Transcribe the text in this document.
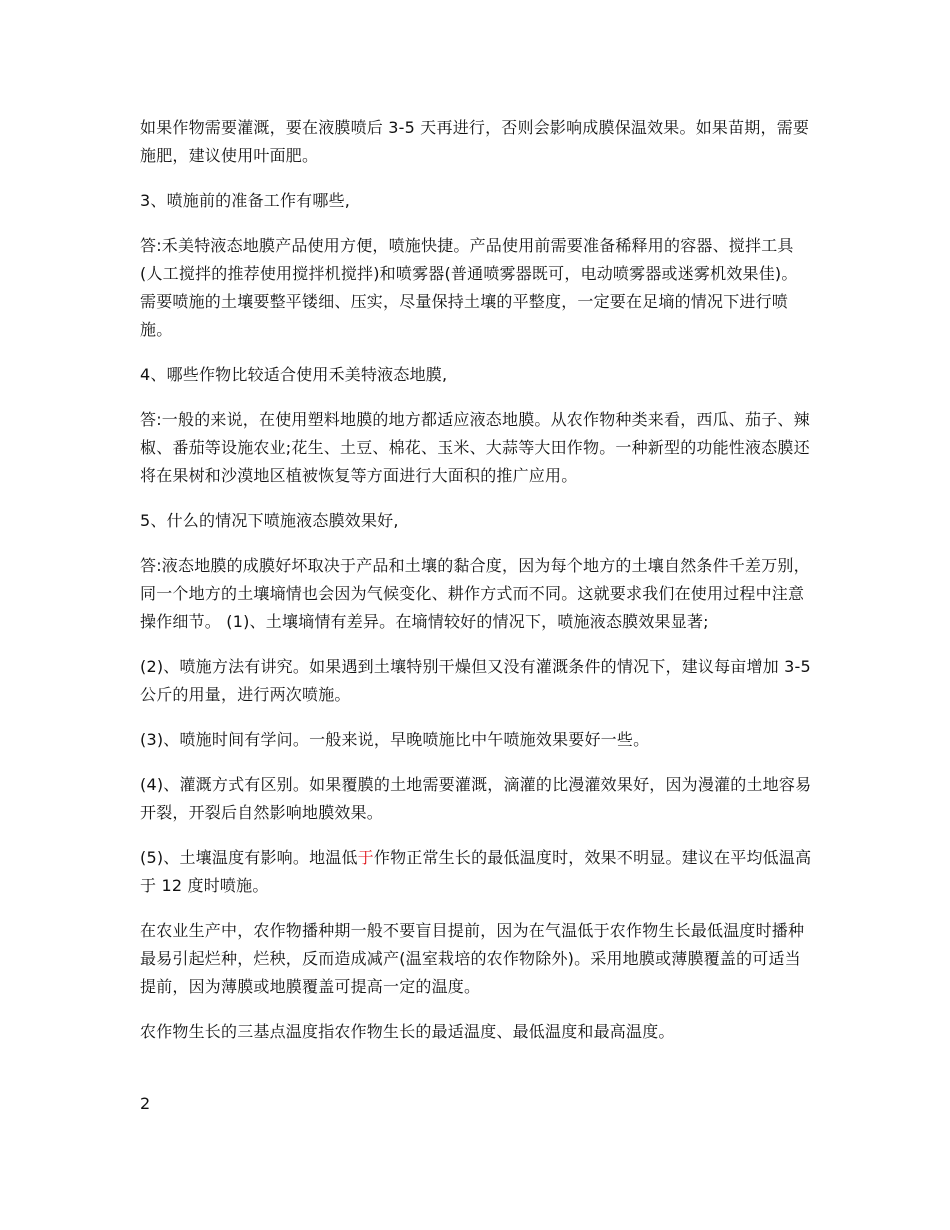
如果作物需要灌溉，要在液膜喷后 3-5 天再进行，否则会影响成膜保温效果。如果苗期，需要施肥，建议使用叶面肥。

3、喷施前的准备工作有哪些,

答:禾美特液态地膜产品使用方便，喷施快捷。产品使用前需要准备稀释用的容器、搅拌工具(人工搅拌的推荐使用搅拌机搅拌)和喷雾器(普通喷雾器既可，电动喷雾器或迷雾机效果佳)。需要喷施的土壤要整平镂细、压实，尽量保持土壤的平整度，一定要在足墒的情况下进行喷施。

4、哪些作物比较适合使用禾美特液态地膜,

答:一般的来说，在使用塑料地膜的地方都适应液态地膜。从农作物种类来看，西瓜、茄子、辣椒、番茄等设施农业;花生、土豆、棉花、玉米、大蒜等大田作物。一种新型的功能性液态膜还将在果树和沙漠地区植被恢复等方面进行大面积的推广应用。

5、什么的情况下喷施液态膜效果好,

答:液态地膜的成膜好坏取决于产品和土壤的黏合度，因为每个地方的土壤自然条件千差万别，同一个地方的土壤墒情也会因为气候变化、耕作方式而不同。这就要求我们在使用过程中注意操作细节。 (1)、土壤墒情有差异。在墒情较好的情况下，喷施液态膜效果显著;

(2)、喷施方法有讲究。如果遇到土壤特别干燥但又没有灌溉条件的情况下，建议每亩增加 3-5 公斤的用量，进行两次喷施。

(3)、喷施时间有学问。一般来说，早晚喷施比中午喷施效果要好一些。

(4)、灌溉方式有区别。如果覆膜的土地需要灌溉，滴灌的比漫灌效果好，因为漫灌的土地容易开裂，开裂后自然影响地膜效果。

(5)、土壤温度有影响。地温低于作物正常生长的最低温度时，效果不明显。建议在平均低温高于 12 度时喷施。

在农业生产中，农作物播种期一般不要盲目提前，因为在气温低于农作物生长最低温度时播种最易引起烂种，烂秧，反而造成减产(温室栽培的农作物除外)。采用地膜或薄膜覆盖的可适当提前，因为薄膜或地膜覆盖可提高一定的温度。

农作物生长的三基点温度指农作物生长的最适温度、最低温度和最高温度。

2
